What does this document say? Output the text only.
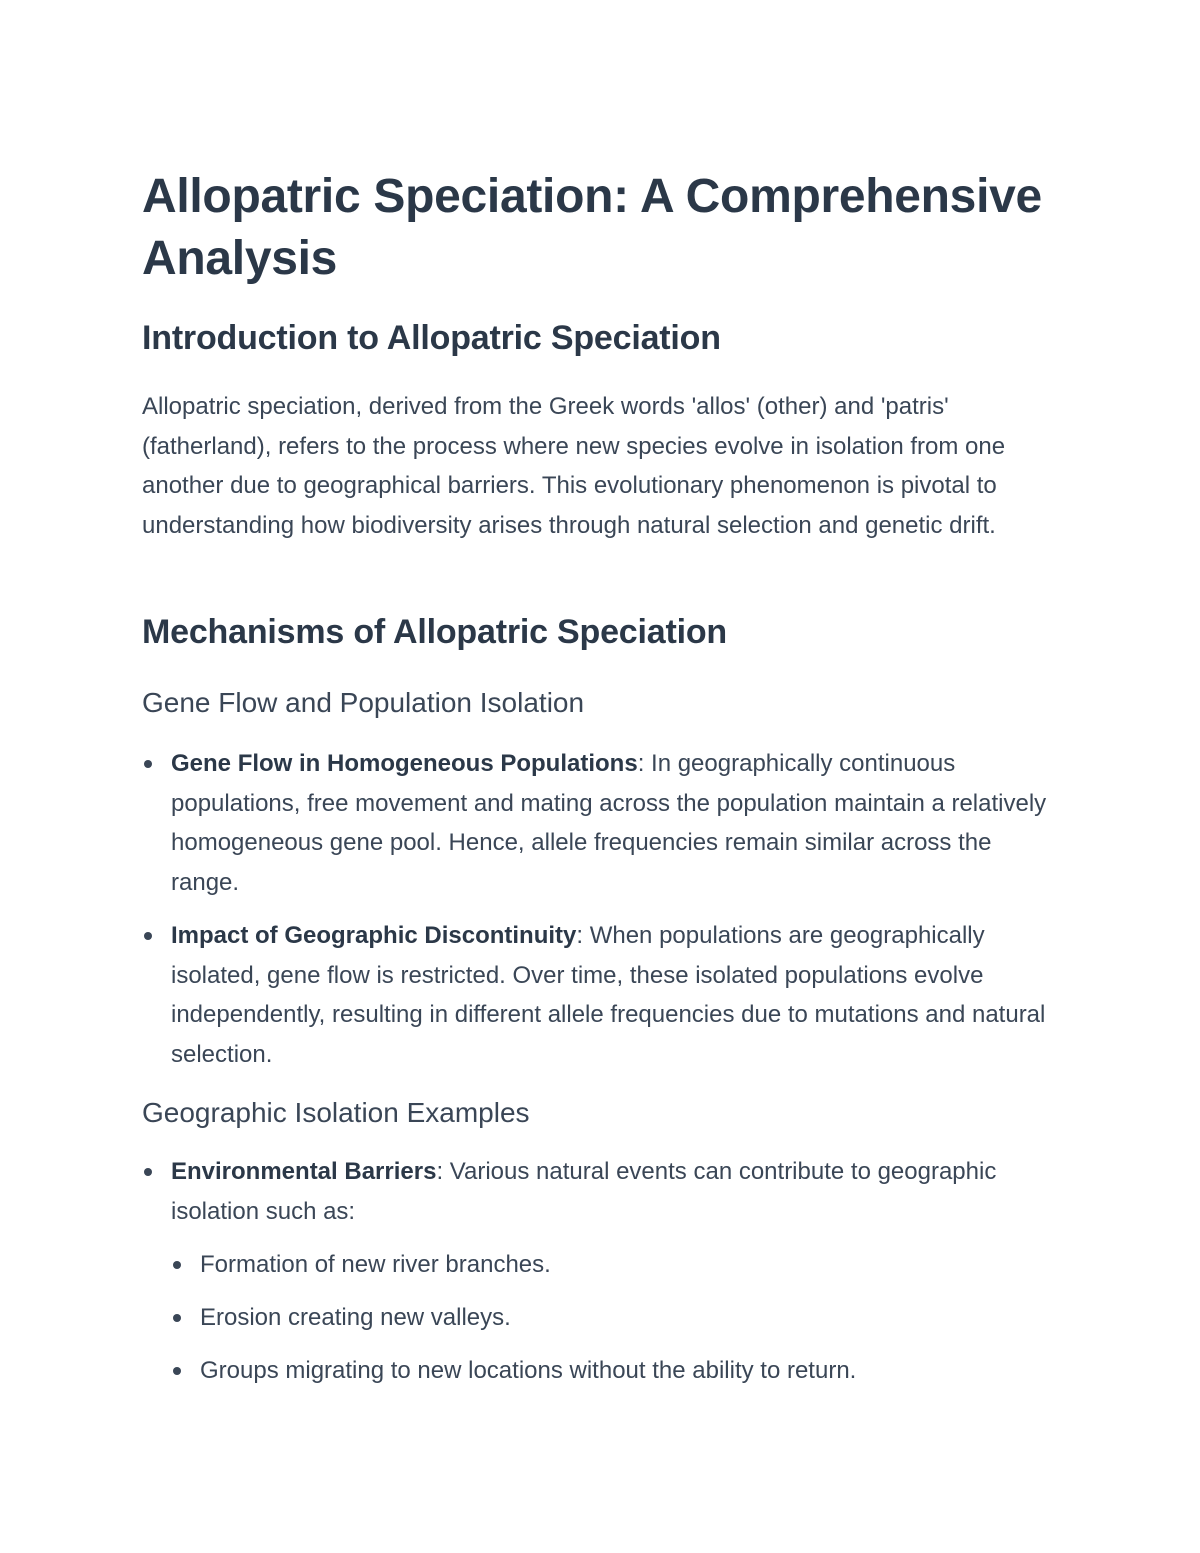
Allopatric Speciation: A Comprehensive Analysis
Introduction to Allopatric Speciation

Allopatric speciation, derived from the Greek words 'allos' (other) and 'patris' (fatherland), refers to the process where new species evolve in isolation from one another due to geographical barriers. This evolutionary phenomenon is pivotal to understanding how biodiversity arises through natural selection and genetic drift.

Mechanisms of Allopatric Speciation
Gene Flow and Population Isolation

Gene Flow in Homogeneous Populations: In geographically continuous populations, free movement and mating across the population maintain a relatively homogeneous gene pool. Hence, allele frequencies remain similar across the range.

Impact of Geographic Discontinuity: When populations are geographically isolated, gene flow is restricted. Over time, these isolated populations evolve independently, resulting in different allele frequencies due to mutations and natural selection.

Geographic Isolation Examples

Environmental Barriers: Various natural events can contribute to geographic isolation such as:

Formation of new river branches.

Erosion creating new valleys.

Groups migrating to new locations without the ability to return.
